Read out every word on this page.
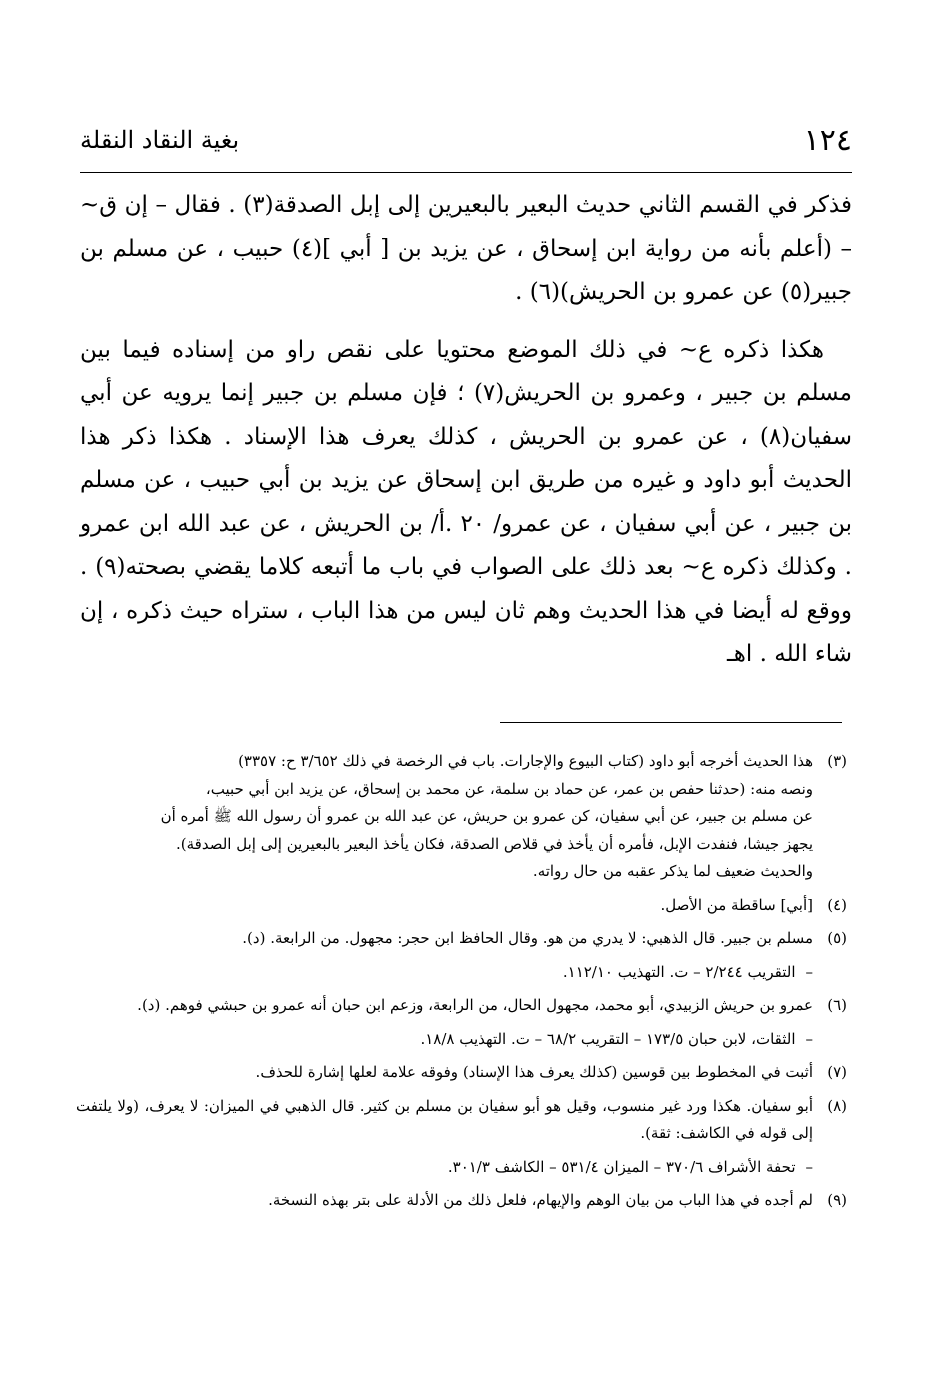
١٢٤
بغية النقاد النقلة

فذكر في القسم الثاني حديث البعير بالبعيرين إلى إبل الصدقة(٣) . فقال – إن ق~ – (أعلم بأنه من رواية ابن إسحاق ، عن يزيد بن [ أبي ](٤) حبيب ، عن مسلم بن جبير(٥) عن عمرو بن الحريش)(٦) .

هكذا ذكره ع~ في ذلك الموضع محتويا على نقص راو من إسناده فيما بين مسلم بن جبير ، وعمرو بن الحريش(٧) ؛ فإن مسلم بن جبير إنما يرويه عن أبي سفيان(٨) ، عن عمرو بن الحريش ، كذلك يعرف هذا الإسناد . هكذا ذكر هذا الحديث أبو داود و غيره من طريق ابن إسحاق عن يزيد بن أبي حبيب ، عن مسلم بن جبير ، عن أبي سفيان ، عن عمرو/ ٢٠ .أ/ بن الحريش ، عن عبد الله ابن عمرو . وكذلك ذكره ع~ بعد ذلك على الصواب في باب ما أتبعه كلاما يقضي بصحته(٩) . ووقع له أيضا في هذا الحديث وهم ثان ليس من هذا الباب ، ستراه حيث ذكره ، إن شاء الله . اهـ

(٣)
هذا الحديث أخرجه أبو داود (كتاب البيوع والإجارات. باب في الرخصة في ذلك ٣/٦٥٢ ح: ٣٣٥٧)
ونصه منه: (حدثنا حفص بن عمر، عن حماد بن سلمة، عن محمد بن إسحاق، عن يزيد ابن أبي حبيب،
عن مسلم بن جبير، عن أبي سفيان، كن عمرو بن حريش، عن عبد الله بن عمرو أن رسول الله ﷺ أمره أن
يجهز جيشا، فنفدت الإبل، فأمره أن يأخذ في قلاص الصدقة، فكان يأخذ البعير بالبعيرين إلى إبل الصدقة).
والحديث ضعيف لما يذكر عقبه من حال رواته.
(٤)
[أبي] ساقطة من الأصل.
(٥)
مسلم بن جبير. قال الذهبي: لا يدري من هو. وقال الحافظ ابن حجر: مجهول. من الرابعة. (د).
–التقريب ٢/٢٤٤ – ت. التهذيب ١١٢/١٠.
(٦)
عمرو بن حريش الزبيدي، أبو محمد، مجهول الحال، من الرابعة، وزعم ابن حبان أنه عمرو بن حبشي فوهم. (د).
–الثقات، لابن حبان ١٧٣/٥ – التقريب ٦٨/٢ – ت. التهذيب ١٨/٨.
(٧)
أثبت في المخطوط بين قوسين (كذلك يعرف هذا الإسناد) وفوقه علامة لعلها إشارة للحذف.
(٨)
أبو سفيان. هكذا ورد غير منسوب، وقيل هو أبو سفيان بن مسلم بن كثير. قال الذهبي في الميزان: لا يعرف، (ولا يلتفت إلى قوله في الكاشف: ثقة).
–تحفة الأشراف ٣٧٠/٦ – الميزان ٥٣١/٤ – الكاشف ٣٠١/٣.
(٩)
لم أجده في هذا الباب من بيان الوهم والإيهام، فلعل ذلك من الأدلة على بتر بهذه النسخة.
